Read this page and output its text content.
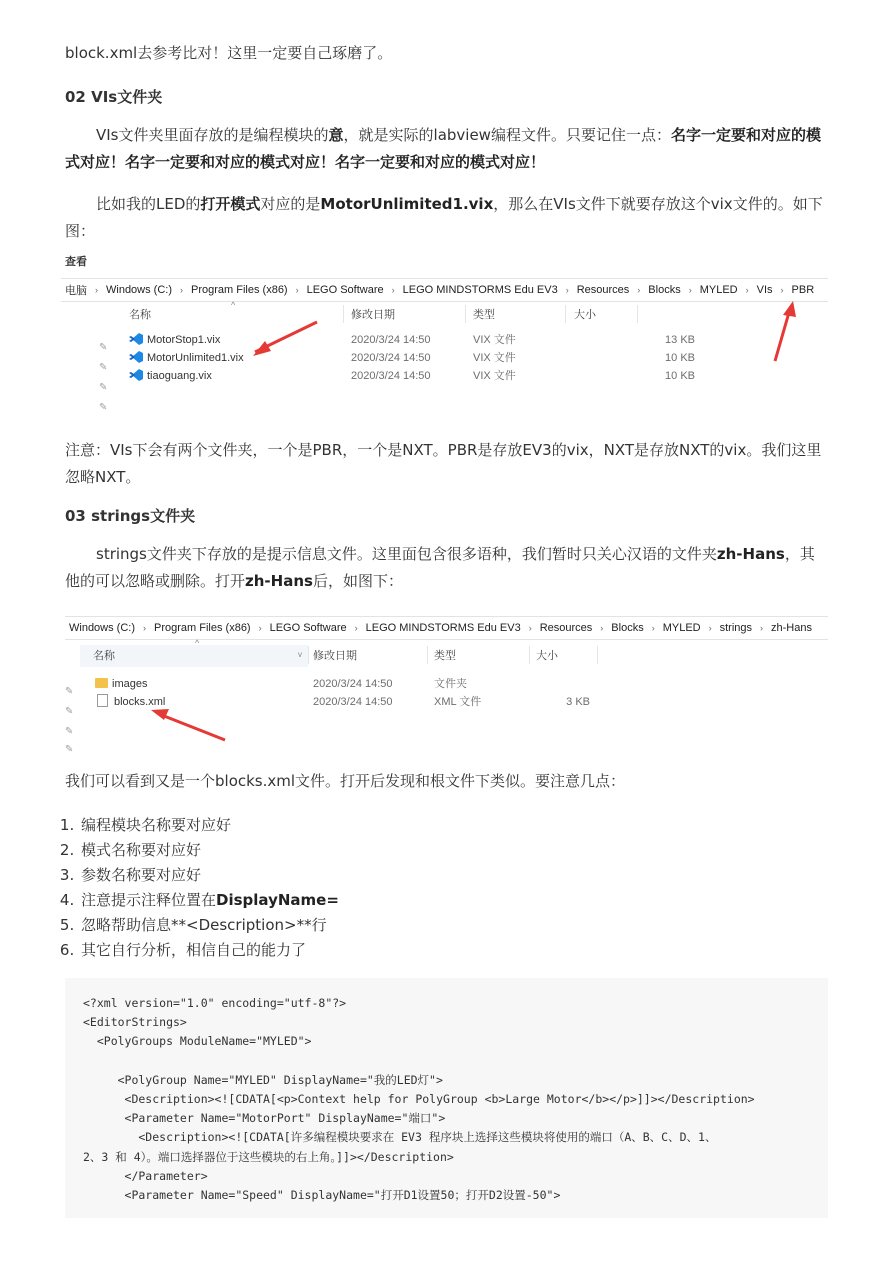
block.xml去参考比对！这里一定要自己琢磨了。

02 VIs文件夹

VIs文件夹里面存放的是编程模块的意，就是实际的labview编程文件。只要记住一点：名字一定要和对应的模式对应！名字一定要和对应的模式对应！名字一定要和对应的模式对应！

比如我的LED的打开模式对应的是MotorUnlimited1.vix，那么在VIs文件下就要存放这个vix文件的。如下图：

查看
电脑 › Windows (C:) › Program Files (x86) › LEGO Software › LEGO MINDSTORMS Edu EV3 › Resources › Blocks › MYLED › VIs › PBR
^
名称	修改日期	类型	大小
✎
✎
✎
✎
MotorStop1.vix	2020/3/24 14:50	VIX 文件	13 KB
MotorUnlimited1.vix	2020/3/24 14:50	VIX 文件	10 KB
tiaoguang.vix	2020/3/24 14:50	VIX 文件	10 KB

注意：VIs下会有两个文件夹，一个是PBR，一个是NXT。PBR是存放EV3的vix，NXT是存放NXT的vix。我们这里忽略NXT。

03 strings文件夹

strings文件夹下存放的是提示信息文件。这里面包含很多语种，我们暂时只关心汉语的文件夹zh-Hans，其他的可以忽略或删除。打开zh-Hans后，如图下：

Windows (C:) › Program Files (x86) › LEGO Software › LEGO MINDSTORMS Edu EV3 › Resources › Blocks › MYLED › strings › zh-Hans
^
名称	v 修改日期	类型	大小
✎
✎
✎
✎
images	2020/3/24 14:50	文件夹
blocks.xml	2020/3/24 14:50	XML 文件	3 KB

我们可以看到又是一个blocks.xml文件。打开后发现和根文件下类似。要注意几点：

1. 编程模块名称要对应好
2. 模式名称要对应好
3. 参数名称要对应好
4. 注意提示注释位置在DisplayName=
5. 忽略帮助信息**<Description>**行
6. 其它自行分析，相信自己的能力了
<?xml version="1.0" encoding="utf-8"?>
<EditorStrings>
<PolyGroups ModuleName="MYLED">
<PolyGroup Name="MYLED" DisplayName="我的LED灯">
<Description><![CDATA[<p>Context help for PolyGroup <b>Large Motor</b></p>]]></Description>
<Parameter Name="MotorPort" DisplayName="端口">
<Description><![CDATA[许多编程模块要求在 EV3 程序块上选择这些模块将使用的端口（A、B、C、D、1、
2、3 和 4）。端口选择器位于这些模块的右上角。]]></Description>
</Parameter>
<Parameter Name="Speed" DisplayName="打开D1设置50；打开D2设置-50">
